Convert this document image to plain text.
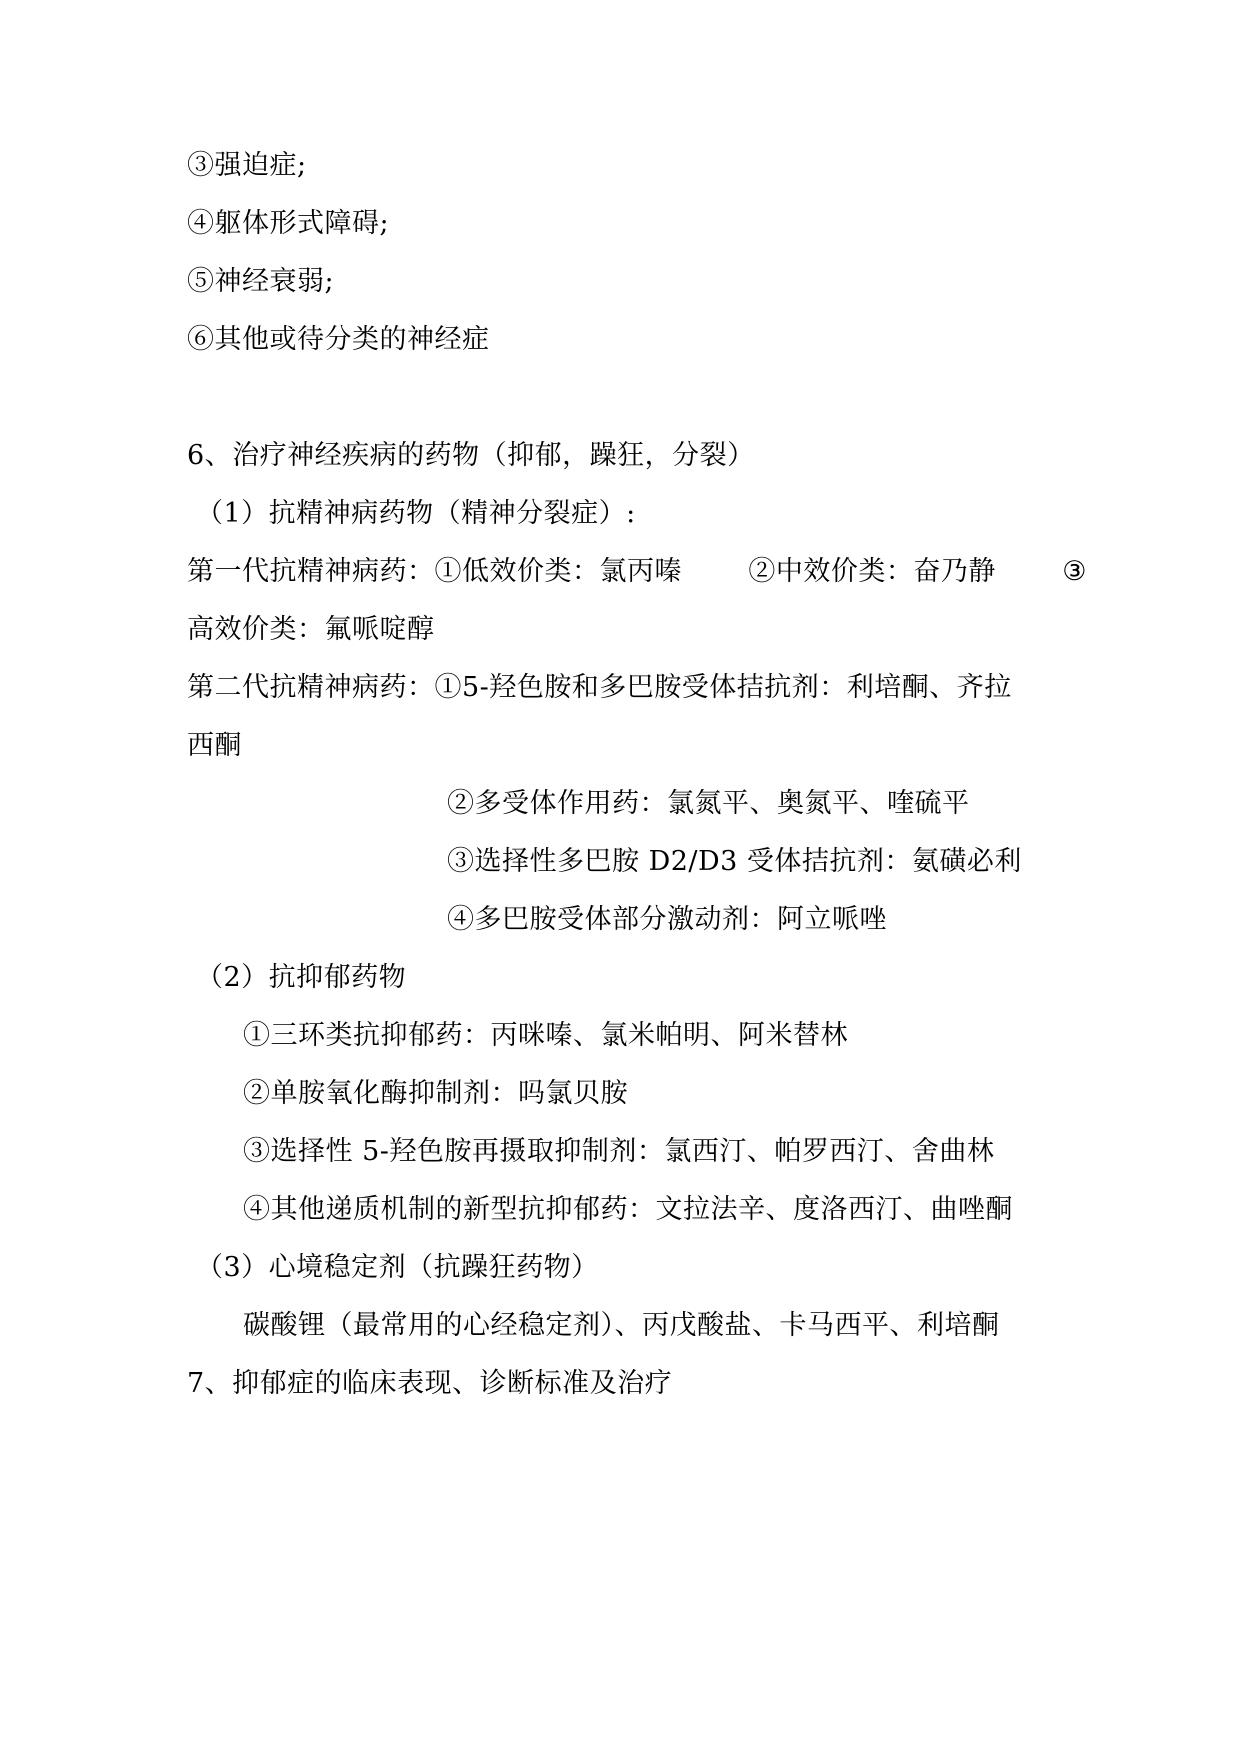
③强迫症;
④躯体形式障碍;
⑤神经衰弱;
⑥其他或待分类的神经症
6、治疗神经疾病的药物（抑郁，躁狂，分裂）
（1）抗精神病药物（精神分裂症）:
第一代抗精神病药：①低效价类：氯丙嗪 ②中效价类：奋乃静 ③
高效价类：氟哌啶醇
第二代抗精神病药：①5-羟色胺和多巴胺受体拮抗剂：利培酮、齐拉
西酮
②多受体作用药：氯氮平、奥氮平、喹硫平
③选择性多巴胺 D2/D3 受体拮抗剂：氨磺必利
④多巴胺受体部分激动剂：阿立哌唑
（2）抗抑郁药物
①三环类抗抑郁药：丙咪嗪、氯米帕明、阿米替林
②单胺氧化酶抑制剂：吗氯贝胺
③选择性 5-羟色胺再摄取抑制剂：氯西汀、帕罗西汀、舍曲林
④其他递质机制的新型抗抑郁药：文拉法辛、度洛西汀、曲唑酮
（3）心境稳定剂（抗躁狂药物）
碳酸锂（最常用的心经稳定剂）、丙戊酸盐、卡马西平、利培酮
7、抑郁症的临床表现、诊断标准及治疗
